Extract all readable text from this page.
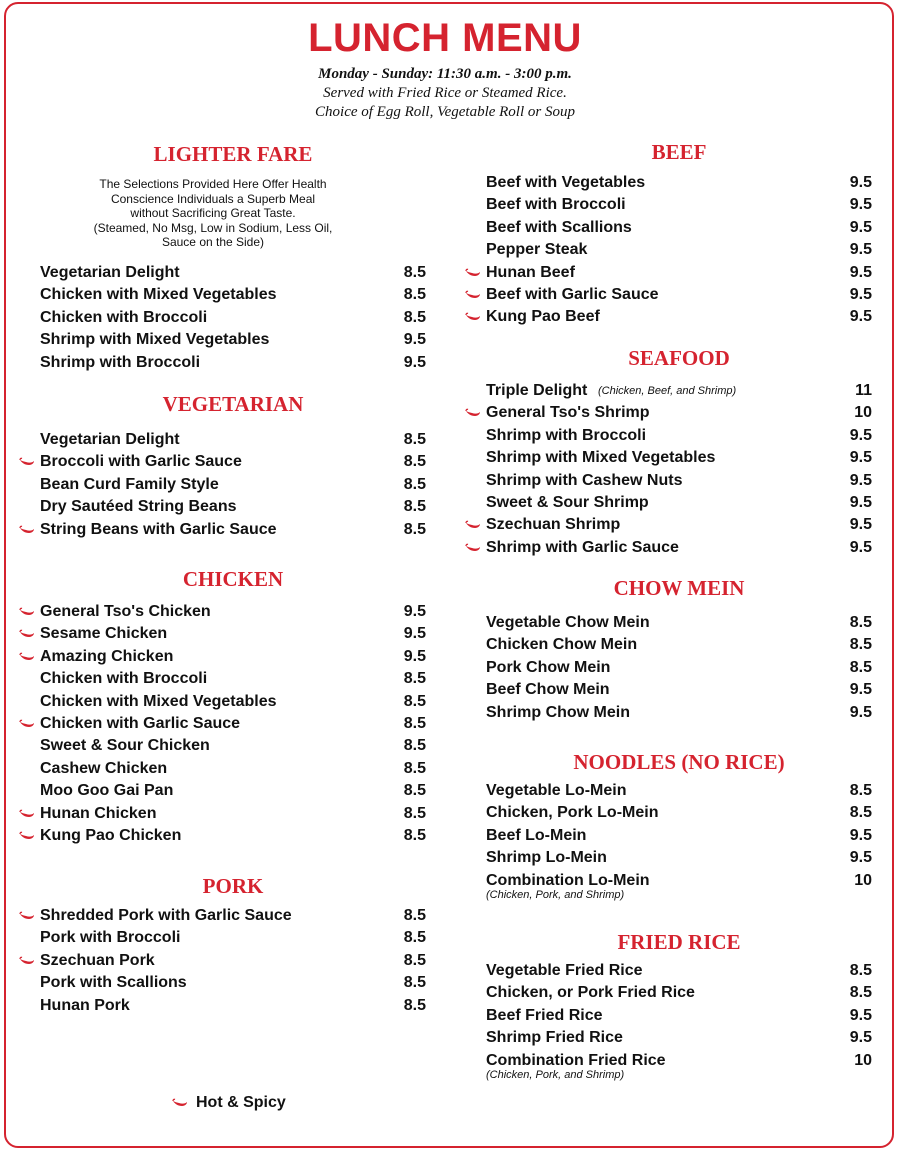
LUNCH MENU
Monday - Sunday: 11:30 a.m. - 3:00 p.m.
Served with Fried Rice or Steamed Rice.
Choice of Egg Roll, Vegetable Roll or Soup
LIGHTER FARE
The Selections Provided Here Offer Health
Conscience Individuals a Superb Meal
without Sacrificing Great Taste.
(Steamed, No Msg, Low in Sodium, Less Oil,
Sauce on the Side)
Vegetarian Delight	8.5
Chicken with Mixed Vegetables	8.5
Chicken with Broccoli	8.5
Shrimp with Mixed Vegetables	9.5
Shrimp with Broccoli	9.5
VEGETARIAN
Vegetarian Delight	8.5
Broccoli with Garlic Sauce	8.5
Bean Curd Family Style	8.5
Dry Sautéed String Beans	8.5
String Beans with Garlic Sauce	8.5
CHICKEN
General Tso's Chicken	9.5
Sesame Chicken	9.5
Amazing Chicken	9.5
Chicken with Broccoli	8.5
Chicken with Mixed Vegetables	8.5
Chicken with Garlic Sauce	8.5
Sweet & Sour Chicken	8.5
Cashew Chicken	8.5
Moo Goo Gai Pan	8.5
Hunan Chicken	8.5
Kung Pao Chicken	8.5
PORK
Shredded Pork with Garlic Sauce	8.5
Pork with Broccoli	8.5
Szechuan Pork	8.5
Pork with Scallions	8.5
Hunan Pork	8.5
BEEF
Beef with Vegetables	9.5
Beef with Broccoli	9.5
Beef with Scallions	9.5
Pepper Steak	9.5
Hunan Beef	9.5
Beef with Garlic Sauce	9.5
Kung Pao Beef	9.5
SEAFOOD
Triple Delight (Chicken, Beef, and Shrimp)	11
General Tso's Shrimp	10
Shrimp with Broccoli	9.5
Shrimp with Mixed Vegetables	9.5
Shrimp with Cashew Nuts	9.5
Sweet & Sour Shrimp	9.5
Szechuan Shrimp	9.5
Shrimp with Garlic Sauce	9.5
CHOW MEIN
Vegetable Chow Mein	8.5
Chicken Chow Mein	8.5
Pork Chow Mein	8.5
Beef Chow Mein	9.5
Shrimp Chow Mein	9.5
NOODLES (NO RICE)
Vegetable Lo-Mein	8.5
Chicken, Pork Lo-Mein	8.5
Beef Lo-Mein	9.5
Shrimp Lo-Mein	9.5
Combination Lo-Mein	10
(Chicken, Pork, and Shrimp)
FRIED RICE
Vegetable Fried Rice	8.5
Chicken, or Pork Fried Rice	8.5
Beef Fried Rice	9.5
Shrimp Fried Rice	9.5
Combination Fried Rice	10
(Chicken, Pork, and Shrimp)
Hot & Spicy
